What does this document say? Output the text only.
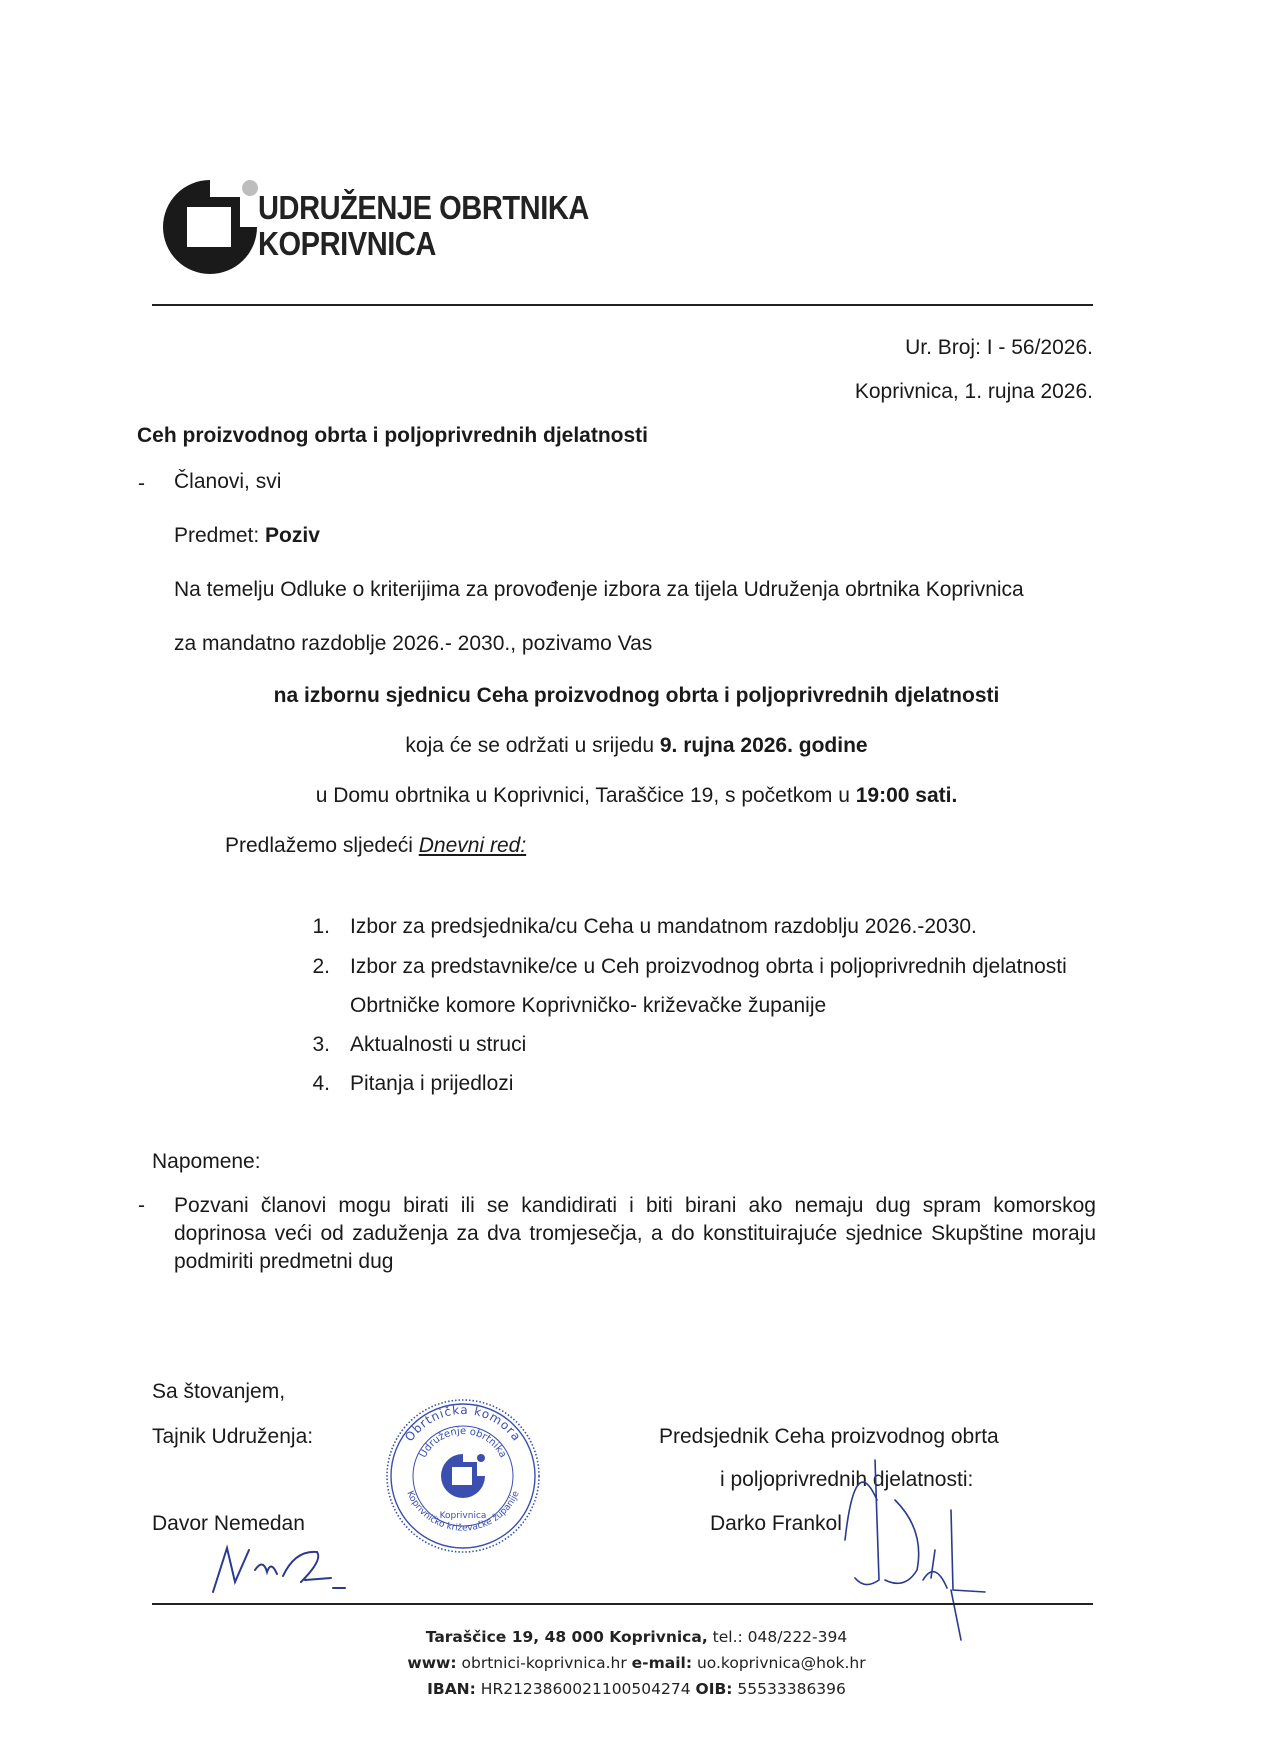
UDRUŽENJE OBRTNIKA
KOPRIVNICA
Ur. Broj: I - 56/2026.
Koprivnica, 1. rujna 2026.
Ceh proizvodnog obrta i poljoprivrednih djelatnosti
- Članovi, svi
Predmet: Poziv
Na temelju Odluke o kriterijima za provođenje izbora za tijela Udruženja obrtnika Koprivnica
za mandatno razdoblje 2026.- 2030., pozivamo Vas
na izbornu sjednicu Ceha proizvodnog obrta i poljoprivrednih djelatnosti
koja će se održati u srijedu 9. rujna 2026. godine
u Domu obrtnika u Koprivnici, Taraščice 19, s početkom u 19:00 sati.
Predlažemo sljedeći Dnevni red:
1. Izbor za predsjednika/cu Ceha u mandatnom razdoblju 2026.-2030.
2. Izbor za predstavnike/ce u Ceh proizvodnog obrta i poljoprivrednih djelatnosti
Obrtničke komore Koprivničko- križevačke županije
3. Aktualnosti u struci
4. Pitanja i prijedlozi
Napomene:
- Pozvani članovi mogu birati ili se kandidirati i biti birani ako nemaju dug spram komorskog doprinosa veći od zaduženja za dva tromjesečja, a do konstituirajuće sjednice Skupštine moraju podmiriti predmetni dug
Sa štovanjem,
Tajnik Udruženja:
Davor Nemedan
Predsjednik Ceha proizvodnog obrta
i poljoprivrednih djelatnosti:
Darko Frankol
Obrtnička komora
Udruženje obrtnika
Koprivničko križevačke županije
Koprivnica
Taraščice 19, 48 000 Koprivnica, tel.: 048/222-394
www: obrtnici-koprivnica.hr e-mail: uo.koprivnica@hok.hr
IBAN: HR2123860021100504274 OIB: 55533386396
